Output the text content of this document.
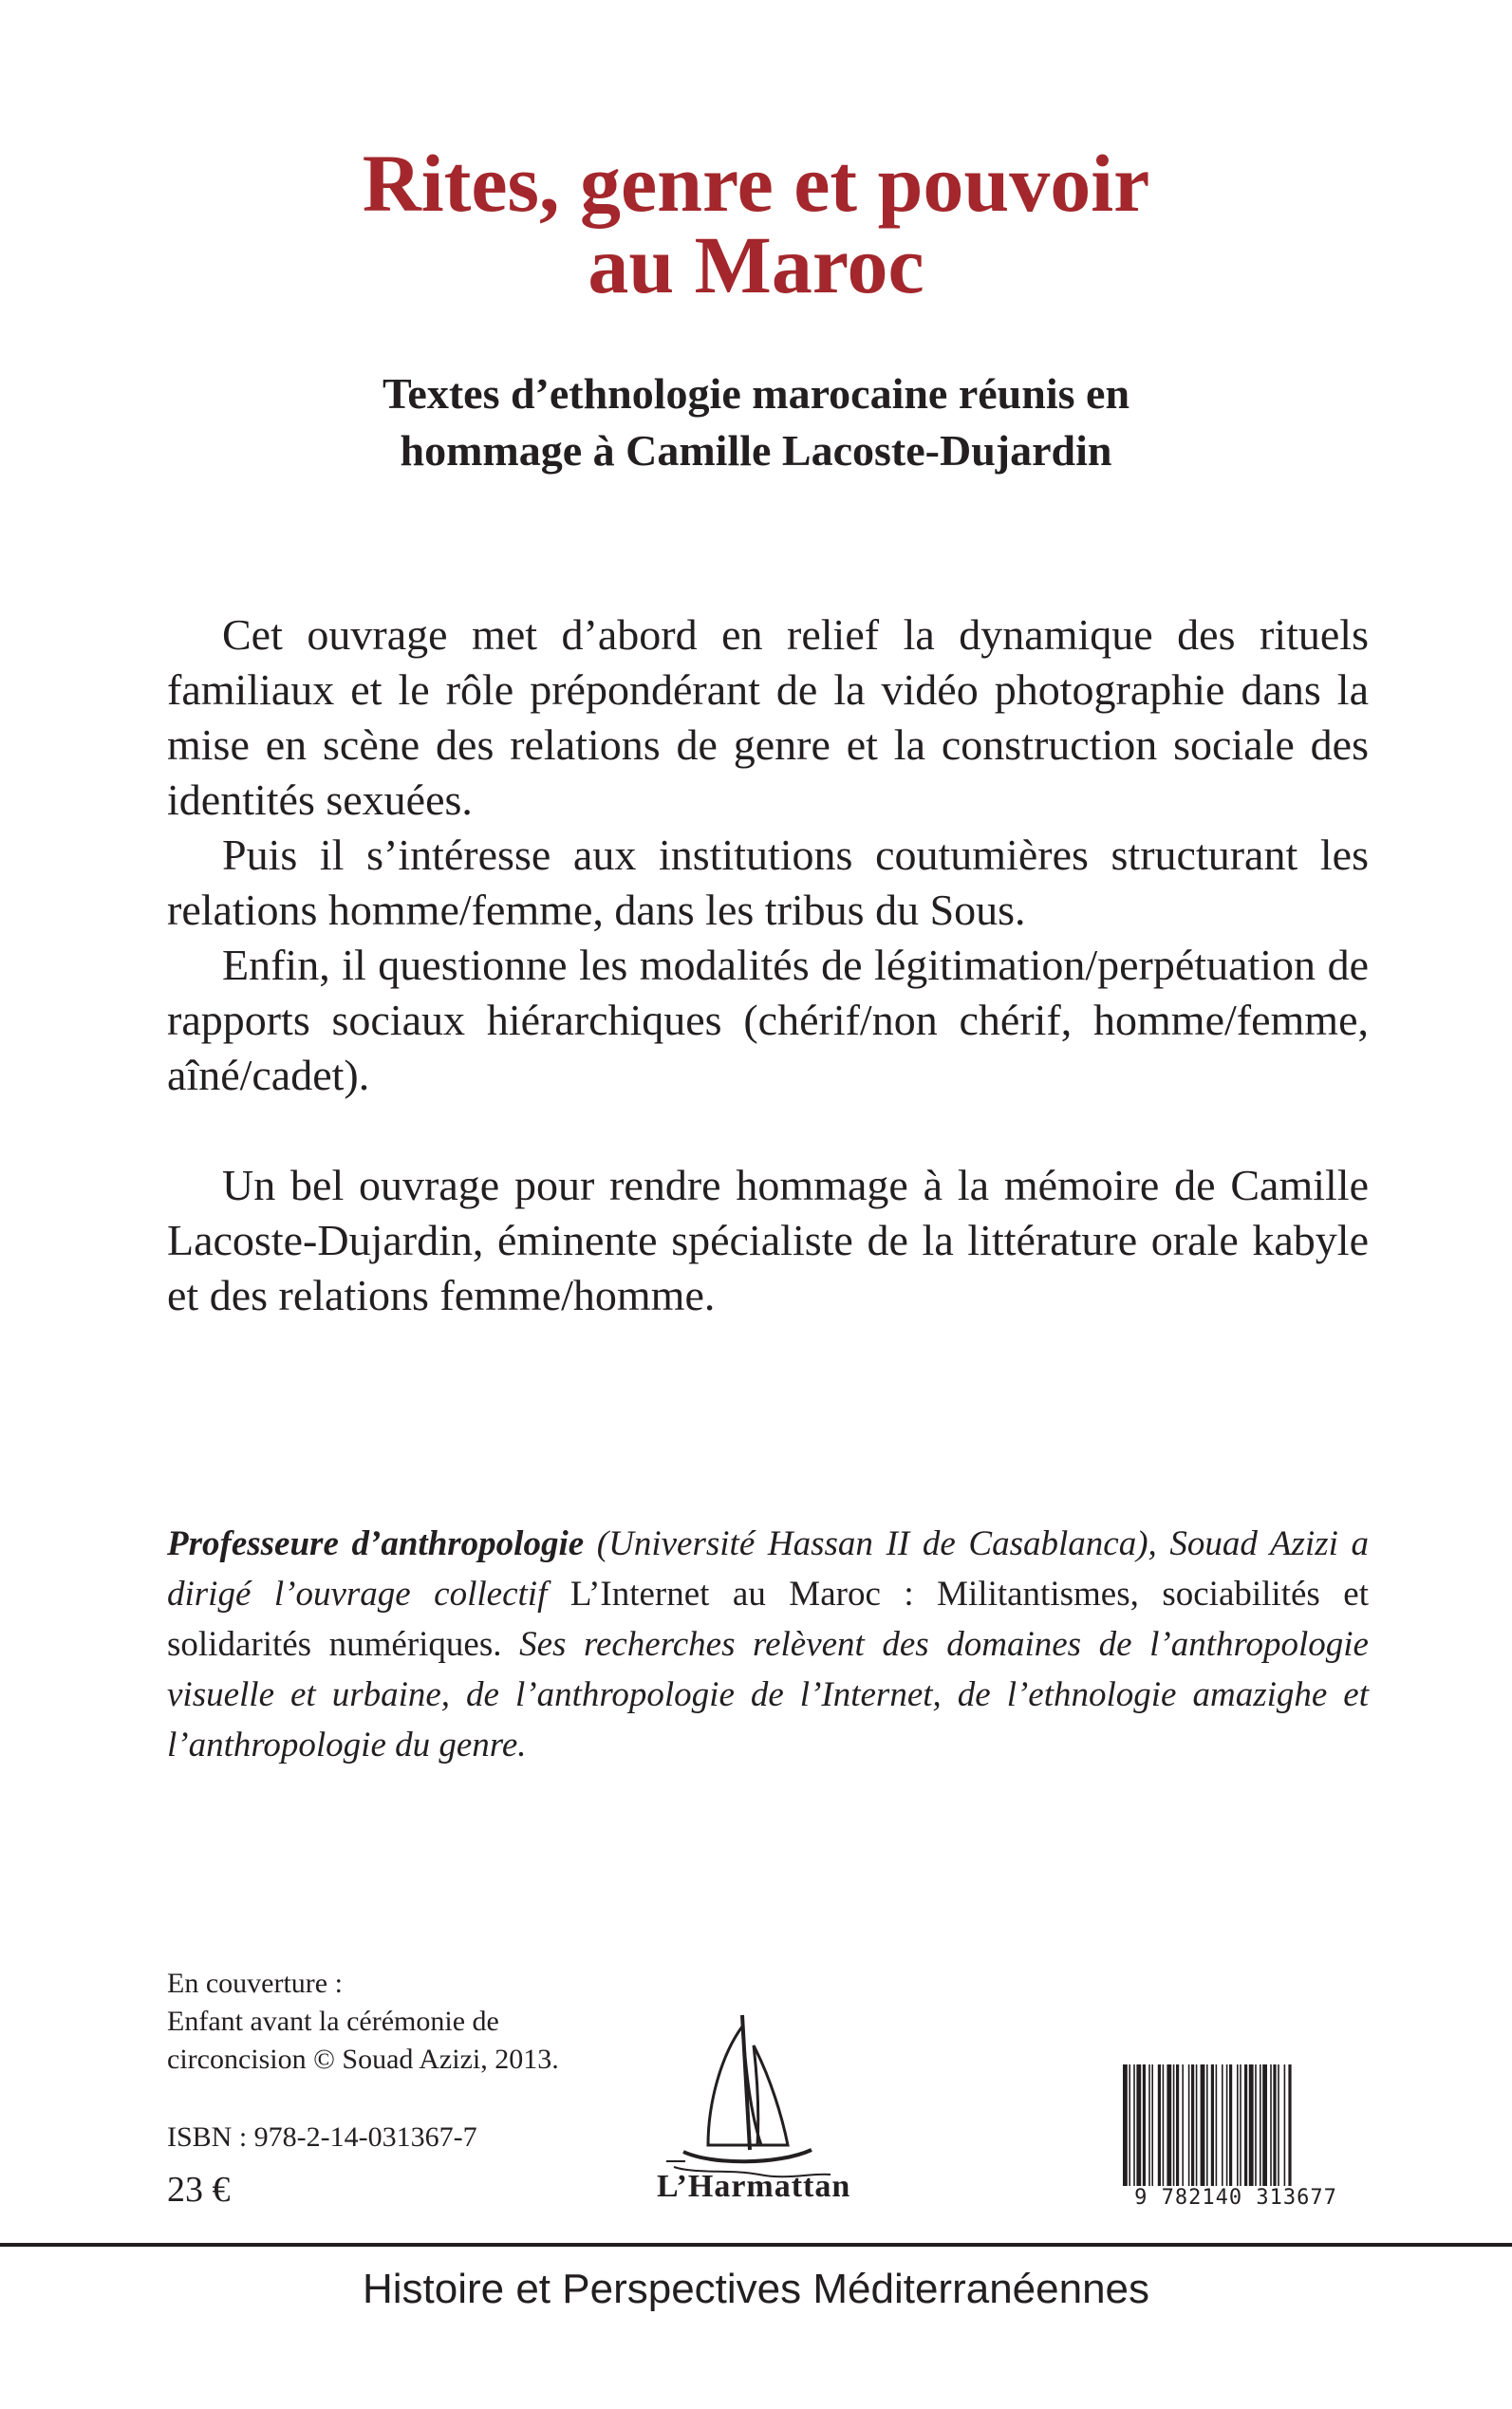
Rites, genre et pouvoir
au Maroc
Textes d’ethnologie marocaine réunis en
hommage à Camille Lacoste-Dujardin

Cet ouvrage met d’abord en relief la dynamique des rituels familiaux et le rôle prépondérant de la vidéo photographie dans la mise en scène des relations de genre et la construction sociale des identités sexuées.

Puis il s’intéresse aux institutions coutumières structurant les relations homme/femme, dans les tribus du Sous.

Enfin, il questionne les modalités de légitimation/perpétuation de rapports sociaux hiérarchiques (chérif/non chérif, homme/femme, aîné/cadet).

Un bel ouvrage pour rendre hommage à la mémoire de Camille Lacoste-Dujardin, éminente spécialiste de la littérature orale kabyle et des relations femme/homme.

Professeure d’anthropologie (Université Hassan II de Casablanca), Souad Azizi a dirigé l’ouvrage collectif L’Internet au Maroc : Militantismes, sociabilités et solidarités numériques. Ses recherches relèvent des domaines de l’anthropologie visuelle et urbaine, de l’anthropologie de l’Internet, de l’ethnologie amazighe et l’anthropologie du genre.

En couverture :
Enfant avant la cérémonie de
circoncision © Souad Azizi, 2013.
ISBN : 978-2-14-031367-7
23 €	L’Harmattan	9 782140 313677
Histoire et Perspectives Méditerranéennes
